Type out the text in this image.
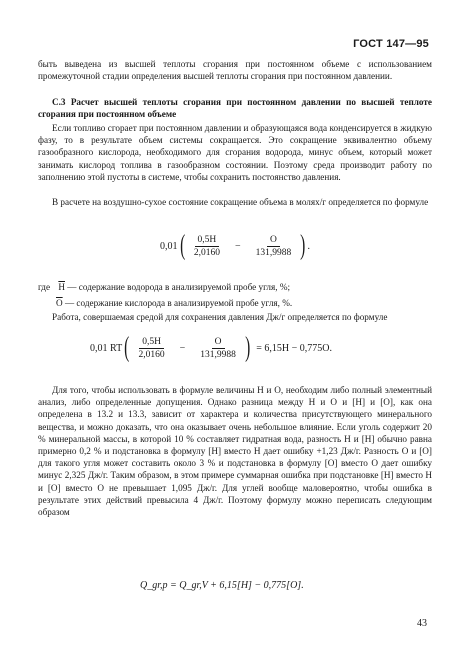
ГОСТ 147—95
быть выведена из высшей теплоты сгорания при постоянном объеме с использованием промежуточной стадии определения высшей теплоты сгорания при постоянном давлении.
С.3 Расчет высшей теплоты сгорания при постоянном давлении по высшей теплоте сгорания при постоянном объеме
Если топливо сгорает при постоянном давлении и образующаяся вода конденсируется в жидкую фазу, то в результате объем системы сокращается. Это сокращение эквивалентно объему газообразного кислорода, необходимого для сгорания водорода, минус объем, который может занимать кислород топлива в газообразном состоянии. Поэтому среда производит работу по заполнению этой пустоты в системе, чтобы сохранить постоянство давления.
В расчете на воздушно-сухое состояние сокращение объема в молях/г определяется по формуле
0,01 ( $\frac{0,5H}{2,0160} - \frac{O}{131,9988}$ ) .
где $\overline{H}$ — содержание водорода в анализируемой пробе угля, %;
$\overline{O}$ — содержание кислорода в анализируемой пробе угля, %.
Работа, совершаемая средой для сохранения давления Дж/г определяется по формуле
0,01 RT ( $\frac{0,5H}{2,0160} - \frac{O}{131,9988}$ ) = 6,15H − 0,775O.
Для того, чтобы использовать в формуле величины H и O, необходим либо полный элементный анализ, либо определенные допущения. Однако разница между H и O и [H] и [O], как она определена в 13.2 и 13.3, зависит от характера и количества присутствующего минерального вещества, и можно доказать, что она оказывает очень небольшое влияние. Если уголь содержит 20 % минеральной массы, в которой 10 % составляет гидратная вода, разность H и [H] обычно равна примерно 0,2 % и подстановка в формулу [H] вместо H дает ошибку +1,23 Дж/г. Разность O и [O] для такого угля может составить около 3 % и подстановка в формулу [O] вместо O дает ошибку минус 2,325 Дж/г. Таким образом, в этом примере суммарная ошибка при подстановке [H] вместо H и [O] вместо O не превышает 1,095 Дж/г. Для углей вообще маловероятно, чтобы ошибка в результате этих действий превысила 4 Дж/г. Поэтому формулу можно переписать следующим образом
Q_gr,p = Q_gr,V + 6,15[H] − 0,775[O].
43
